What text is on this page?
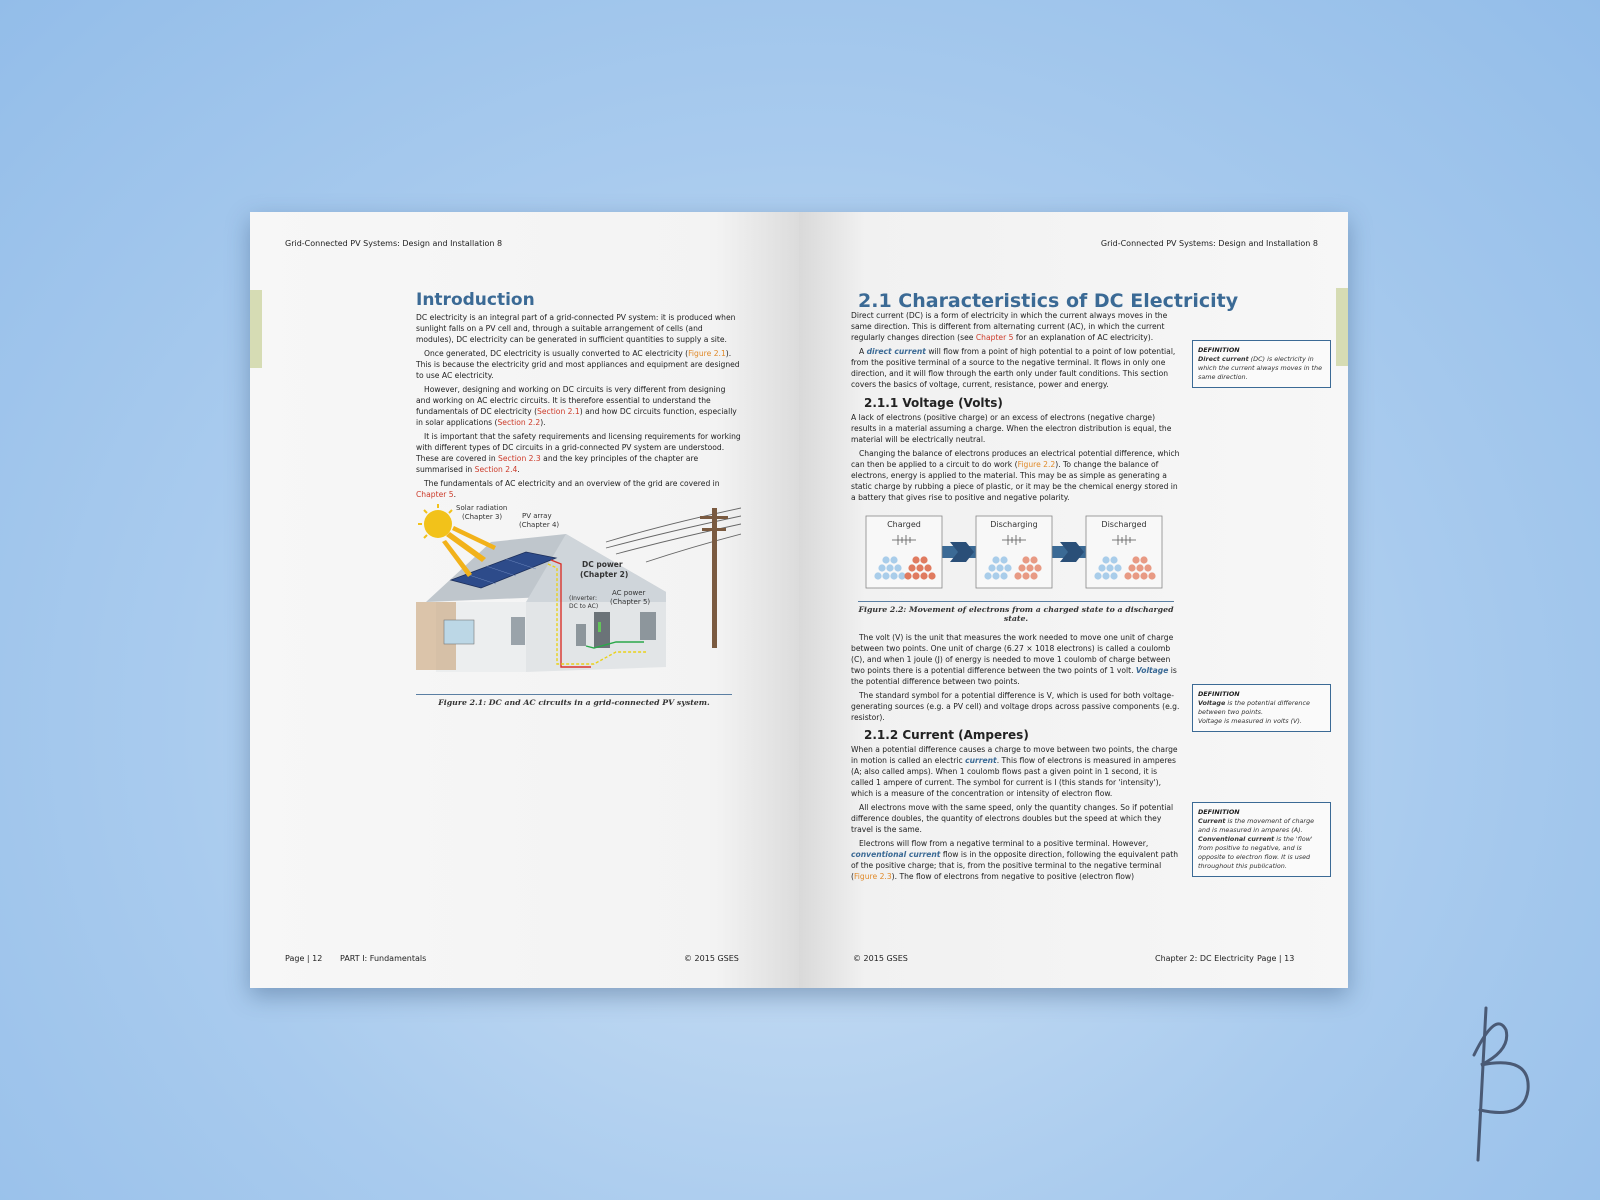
Grid-Connected PV Systems: Design and Installation 8
Introduction

DC electricity is an integral part of a grid-connected PV system: it is produced when sunlight falls on a PV cell and, through a suitable arrangement of cells (and modules), DC electricity can be generated in sufficient quantities to supply a site.

Once generated, DC electricity is usually converted to AC electricity (Figure 2.1). This is because the electricity grid and most appliances and equipment are designed to use AC electricity.

However, designing and working on DC circuits is very different from designing and working on AC electric circuits. It is therefore essential to understand the fundamentals of DC electricity (Section 2.1) and how DC circuits function, especially in solar applications (Section 2.2).

It is important that the safety requirements and licensing requirements for working with different types of DC circuits in a grid-connected PV system are understood. These are covered in Section 2.3 and the key principles of the chapter are summarised in Section 2.4.

The fundamentals of AC electricity and an overview of the grid are covered in Chapter 5.

Solar radiation
(Chapter 3)	PV array
(Chapter 4)
DC power
(Chapter 2)
(Inverter:
DC to AC)
AC power
(Chapter 5)
Figure 2.1: DC and AC circuits in a grid-connected PV system.
Page | 12 PART I: Fundamentals	© 2015 GSES
Grid-Connected PV Systems: Design and Installation 8
2.1 Characteristics of DC Electricity

Direct current (DC) is a form of electricity in which the current always moves in the same direction. This is different from alternating current (AC), in which the current regularly changes direction (see Chapter 5 for an explanation of AC electricity).

A direct current will flow from a point of high potential to a point of low potential, from the positive terminal of a source to the negative terminal. It flows in only one direction, and it will flow through the earth only under fault conditions. This section covers the basics of voltage, current, resistance, power and energy.

2.1.1 Voltage (Volts)

A lack of electrons (positive charge) or an excess of electrons (negative charge) results in a material assuming a charge. When the electron distribution is equal, the material will be electrically neutral.

Changing the balance of electrons produces an electrical potential difference, which can then be applied to a circuit to do work (Figure 2.2). To change the balance of electrons, energy is applied to the material. This may be as simple as generating a static charge by rubbing a piece of plastic, or it may be the chemical energy stored in a battery that gives rise to positive and negative polarity.

Charged	Discharging	Discharged
Figure 2.2: Movement of electrons from a charged state to a discharged state.

The volt (V) is the unit that measures the work needed to move one unit of charge between two points. One unit of charge (6.27 × 1018 electrons) is called a coulomb (C), and when 1 joule (J) of energy is needed to move 1 coulomb of charge between two points there is a potential difference between the two points of 1 volt. Voltage is the potential difference between two points.

The standard symbol for a potential difference is V, which is used for both voltage-generating sources (e.g. a PV cell) and voltage drops across passive components (e.g. resistor).

2.1.2 Current (Amperes)

When a potential difference causes a charge to move between two points, the charge in motion is called an electric current. This flow of electrons is measured in amperes (A; also called amps). When 1 coulomb flows past a given point in 1 second, it is called 1 ampere of current. The symbol for current is I (this stands for 'intensity'), which is a measure of the concentration or intensity of electron flow.

All electrons move with the same speed, only the quantity changes. So if potential difference doubles, the quantity of electrons doubles but the speed at which they travel is the same.

Electrons will flow from a negative terminal to a positive terminal. However, conventional current flow is in the opposite direction, following the equivalent path of the positive charge; that is, from the positive terminal to the negative terminal (Figure 2.3). The flow of electrons from negative to positive (electron flow)

DEFINITION
Direct current (DC) is electricity in which the current always moves in the same direction.
DEFINITION
Voltage is the potential difference between two points.
Voltage is measured in volts (V).
DEFINITION
Current is the movement of charge and is measured in amperes (A).
Conventional current is the 'flow' from positive to negative, and is opposite to electron flow. It is used throughout this publication.
© 2015 GSES	Chapter 2: DC Electricity Page | 13
